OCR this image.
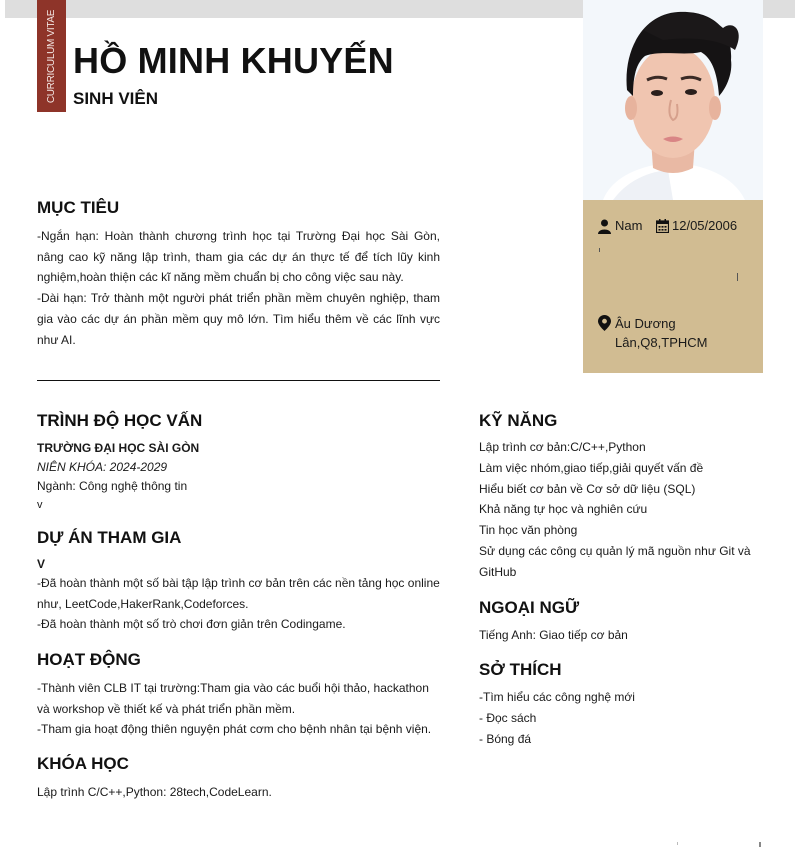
CURRICULUM VITAE HỒ MINH KHUYẾN
SINH VIÊN
Nam 12/05/2006
Âu Dương
Lân,Q8,TPHCM
MỤC TIÊU

-Ngắn hạn: Hoàn thành chương trình học tại Trường Đại học Sài Gòn, nâng cao kỹ năng lập trình, tham gia các dự án thực tế để tích lũy kinh nghiệm,hoàn thiện các kĩ năng mềm chuẩn bị cho công việc sau này.

-Dài hạn: Trở thành một người phát triển phần mềm chuyên nghiệp, tham gia vào các dự án phần mềm quy mô lớn. Tìm hiểu thêm về các lĩnh vực như AI.

TRÌNH ĐỘ HỌC VẤN
TRƯỜNG ĐẠI HỌC SÀI GÒN
NIÊN KHÓA: 2024-2029
Ngành: Công nghệ thông tin
v
DỰ ÁN THAM GIA
V

-Đã hoàn thành một số bài tập lập trình cơ bản trên các nền tảng học online như, LeetCode,HakerRank,Codeforces.

-Đã hoàn thành một số trò chơi đơn giản trên Codingame.

HOẠT ĐỘNG

-Thành viên CLB IT tại trường:Tham gia vào các buổi hội thảo, hackathon và workshop về thiết kế và phát triển phần mềm.

-Tham gia hoạt động thiên nguyện phát cơm cho bệnh nhân tại bệnh viện.

KHÓA HỌC
Lập trình C/C++,Python: 28tech,CodeLearn.
KỸ NĂNG
Lập trình cơ bản:C/C++,Python
Làm việc nhóm,giao tiếp,giải quyết vấn đề
Hiểu biết cơ bản về Cơ sở dữ liệu (SQL)
Khả năng tự học và nghiên cứu
Tin học văn phòng
Sử dụng các công cụ quản lý mã nguồn như Git và GitHub
NGOẠI NGỮ
Tiếng Anh: Giao tiếp cơ bản
SỞ THÍCH
-Tìm hiểu các công nghệ mới
- Đọc sách
- Bóng đá
